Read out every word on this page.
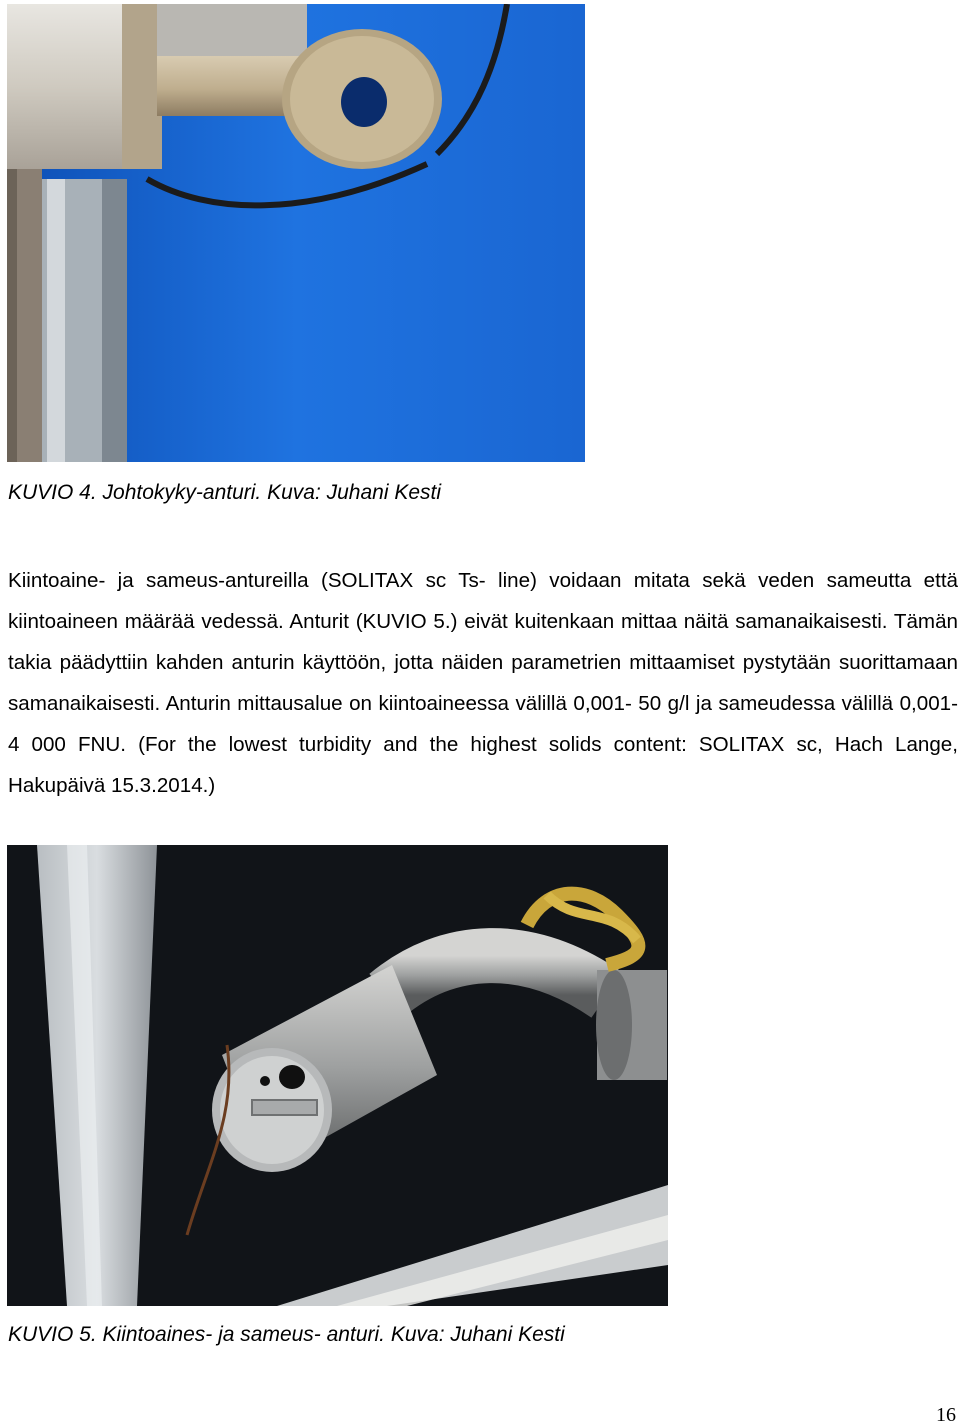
KUVIO 4. Johtokyky-anturi. Kuva: Juhani Kesti

Kiintoaine- ja sameus-antureilla (SOLITAX sc Ts- line) voidaan mitata sekä veden sameutta että kiintoaineen määrää vedessä. Anturit (KUVIO 5.) eivät kuitenkaan mittaa näitä samanaikaisesti. Tämän takia päädyttiin kahden anturin käyttöön, jotta näiden parametrien mittaamiset pystytään suorittamaan samanaikaisesti. Anturin mittausalue on kiintoaineessa välillä 0,001- 50 g/l ja sameudessa välillä 0,001-4 000 FNU. (For the lowest turbidity and the highest solids content: SOLITAX sc, Hach Lange, Hakupäivä 15.3.2014.)

KUVIO 5. Kiintoaines- ja sameus- anturi. Kuva: Juhani Kesti
16
